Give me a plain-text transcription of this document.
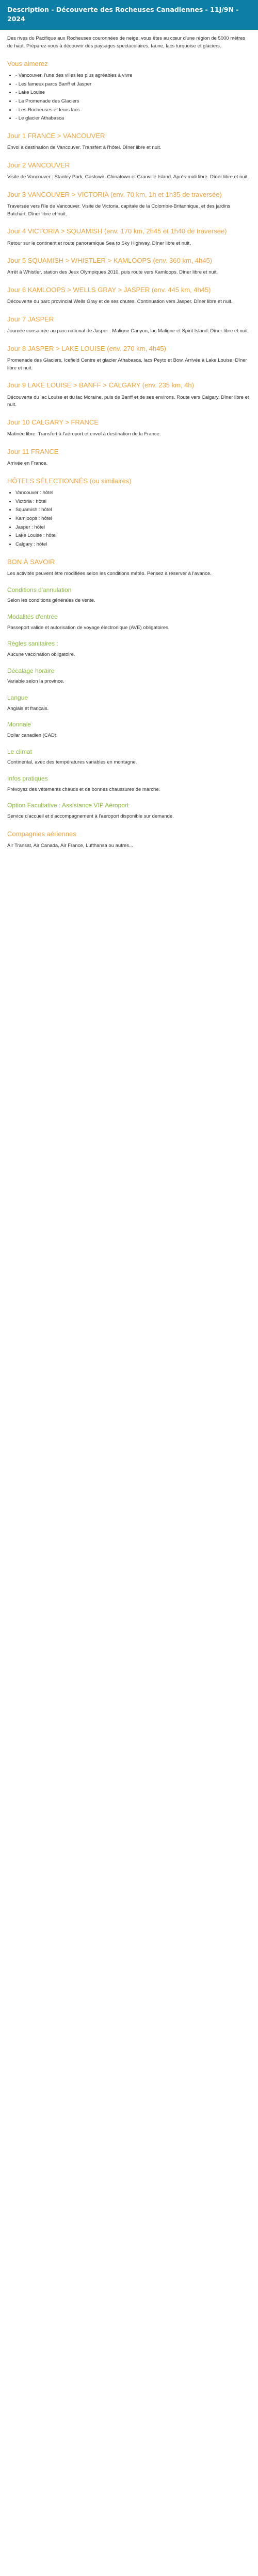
Description - Découverte des Rocheuses Canadiennes - 11J/9N - 2024

Des rives du Pacifique aux Rocheuses couronnées de neige, vous êtes au cœur d'une région de 5000 mètres de haut. Préparez-vous à découvrir des paysages spectaculaires, faune, lacs turquoise et glaciers.

Vous aimerez
• - Vancouver, l'une des villes les plus agréables à vivre
• - Les fameux parcs Banff et Jasper
• - Lake Louise
• - La Promenade des Glaciers
• - Les Rocheuses et leurs lacs
• - Le glacier Athabasca
Jour 1 FRANCE > VANCOUVER

Envol à destination de Vancouver. Transfert à l'hôtel. Dîner libre et nuit.

Jour 2 VANCOUVER

Visite de Vancouver : Stanley Park, Gastown, Chinatown et Granville Island. Après-midi libre. Dîner libre et nuit.

Jour 3 VANCOUVER > VICTORIA (env. 70 km, 1h et 1h35 de traversée)

Traversée vers l'île de Vancouver. Visite de Victoria, capitale de la Colombie-Britannique, et des jardins Butchart. Dîner libre et nuit.

Jour 4 VICTORIA > SQUAMISH (env. 170 km, 2h45 et 1h40 de traversée)

Retour sur le continent et route panoramique Sea to Sky Highway. Dîner libre et nuit.

Jour 5 SQUAMISH > WHISTLER > KAMLOOPS (env. 360 km, 4h45)

Arrêt à Whistler, station des Jeux Olympiques 2010, puis route vers Kamloops. Dîner libre et nuit.

Jour 6 KAMLOOPS > WELLS GRAY > JASPER (env. 445 km, 4h45)

Découverte du parc provincial Wells Gray et de ses chutes. Continuation vers Jasper. Dîner libre et nuit.

Jour 7 JASPER

Journée consacrée au parc national de Jasper : Maligne Canyon, lac Maligne et Spirit Island. Dîner libre et nuit.

Jour 8 JASPER > LAKE LOUISE (env. 270 km, 4h45)

Promenade des Glaciers, Icefield Centre et glacier Athabasca, lacs Peyto et Bow. Arrivée à Lake Louise. Dîner libre et nuit.

Jour 9 LAKE LOUISE > BANFF > CALGARY (env. 235 km, 4h)

Découverte du lac Louise et du lac Moraine, puis de Banff et de ses environs. Route vers Calgary. Dîner libre et nuit.

Jour 10 CALGARY > FRANCE

Matinée libre. Transfert à l'aéroport et envol à destination de la France.

Jour 11 FRANCE

Arrivée en France.

HÔTELS SÉLECTIONNÉS (ou similaires)
• Vancouver : hôtel
• Victoria : hôtel
• Squamish : hôtel
• Kamloops : hôtel
• Jasper : hôtel
• Lake Louise : hôtel
• Calgary : hôtel
BON À SAVOIR

Les activités peuvent être modifiées selon les conditions météo. Pensez à réserver à l'avance.

Conditions d'annulation

Selon les conditions générales de vente.

Modalités d'entrée

Passeport valide et autorisation de voyage électronique (AVE) obligatoires.

Règles sanitaires :

Aucune vaccination obligatoire.

Décalage horaire

Variable selon la province.

Langue

Anglais et français.

Monnaie

Dollar canadien (CAD).

Le climat

Continental, avec des températures variables en montagne.

Infos pratiques

Prévoyez des vêtements chauds et de bonnes chaussures de marche.

Option Facultative : Assistance VIP Aéroport

Service d'accueil et d'accompagnement à l'aéroport disponible sur demande.

Compagnies aériennes

Air Transat, Air Canada, Air France, Lufthansa ou autres...
